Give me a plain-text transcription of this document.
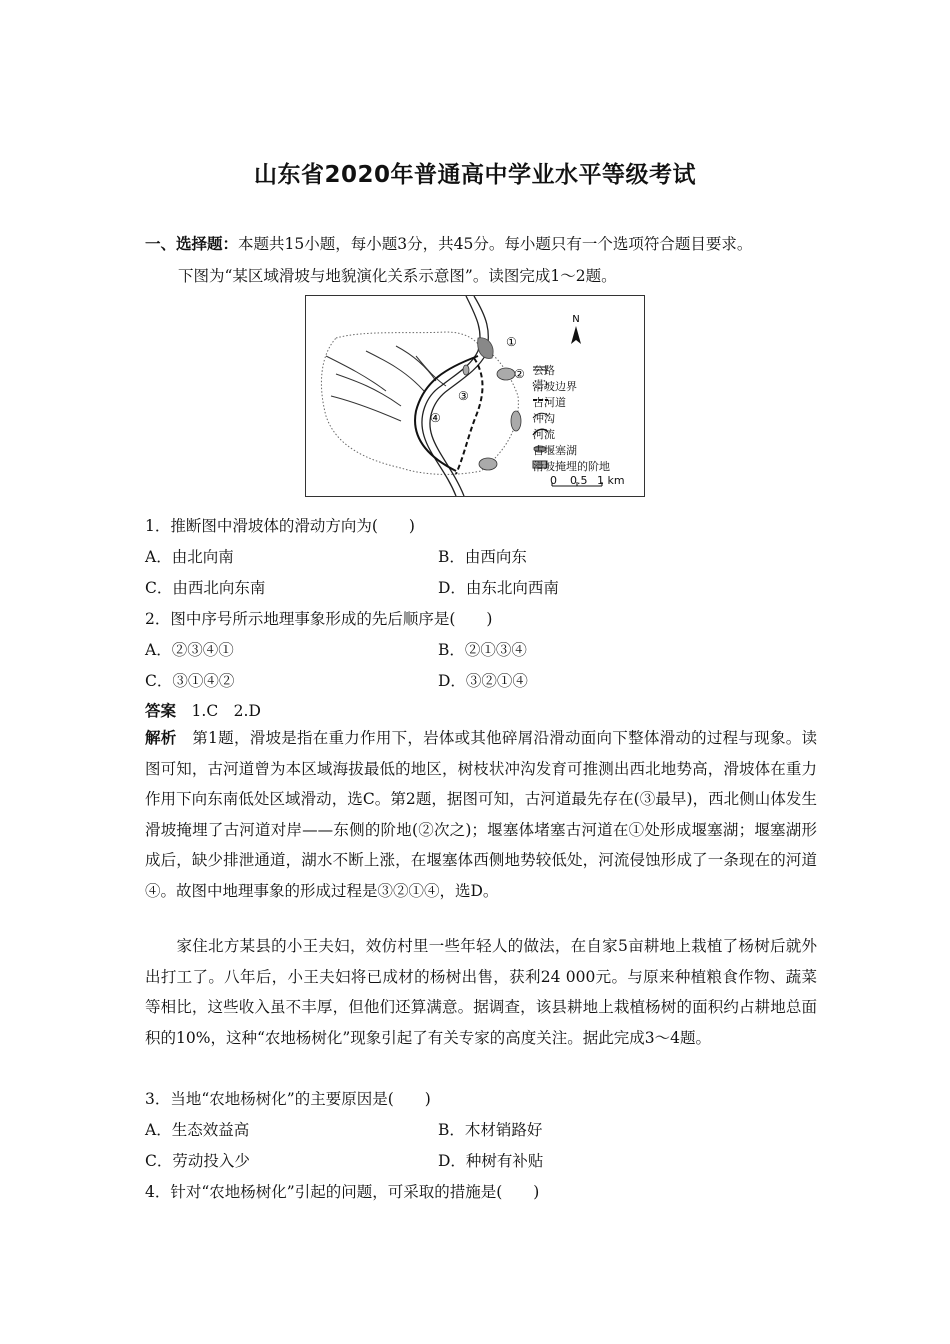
山东省2020年普通高中学业水平等级考试
一、选择题：本题共15小题，每小题3分，共45分。每小题只有一个选项符合题目要求。
下图为“某区域滑坡与地貌演化关系示意图”。读图完成1～2题。
N
①
②
③
④
公路
滑坡边界
古河道
冲沟
河流
古堰塞湖
滑坡掩埋的阶地
0 0.5 1 km
1．推断图中滑坡体的滑动方向为(　　)
A．由北向南	B．由西向东
C．由西北向东南	D．由东北向西南
2．图中序号所示地理事象形成的先后顺序是(　　)
A．②③④①	B．②①③④
C．③①④②	D．③②①④
答案　 1.C　2.D
解析　第1题，滑坡是指在重力作用下，岩体或其他碎屑沿滑动面向下整体滑动的过程与现象。读图可知，古河道曾为本区域海拔最低的地区，树枝状冲沟发育可推测出西北地势高，滑坡体在重力作用下向东南低处区域滑动，选C。第2题，据图可知，古河道最先存在(③最早)，西北侧山体发生滑坡掩埋了古河道对岸——东侧的阶地(②次之)；堰塞体堵塞古河道在①处形成堰塞湖；堰塞湖形成后，缺少排泄通道，湖水不断上涨，在堰塞体西侧地势较低处，河流侵蚀形成了一条现在的河道④。故图中地理事象的形成过程是③②①④，选D。
　　家住北方某县的小王夫妇，效仿村里一些年轻人的做法，在自家5亩耕地上栽植了杨树后就外出打工了。八年后，小王夫妇将已成材的杨树出售，获利24 000元。与原来种植粮食作物、蔬菜等相比，这些收入虽不丰厚，但他们还算满意。据调查，该县耕地上栽植杨树的面积约占耕地总面积的10%，这种“农地杨树化”现象引起了有关专家的高度关注。据此完成3～4题。
3．当地“农地杨树化”的主要原因是(　　)
A．生态效益高	B．木材销路好
C．劳动投入少	D．种树有补贴
4．针对“农地杨树化”引起的问题，可采取的措施是(　　)
